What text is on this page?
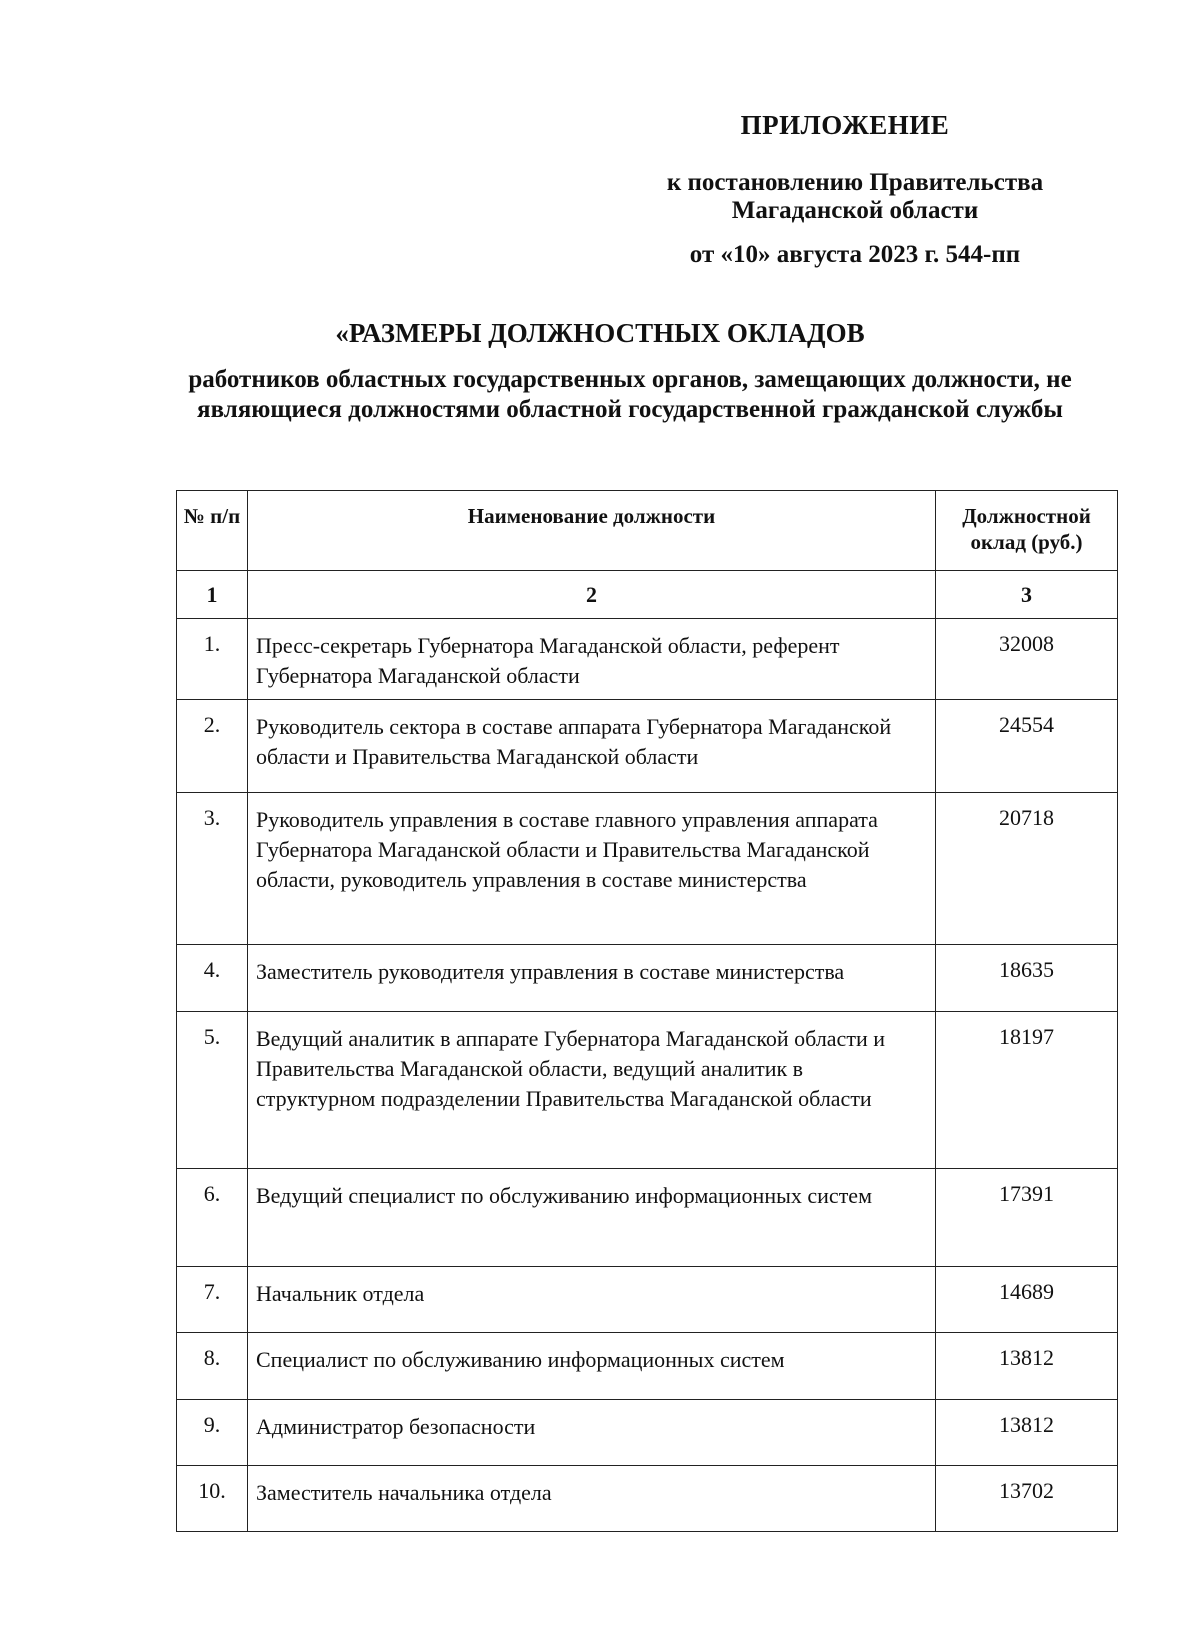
ПРИЛОЖЕНИЕ
к постановлению Правительства
Магаданской области
от «10» августа 2023 г. 544-пп
«РАЗМЕРЫ ДОЛЖНОСТНЫХ ОКЛАДОВ
работников областных государственных органов, замещающих должности, не являющиеся должностями областной государственной гражданской службы
№ п/п	Наименование должности	Должностной оклад (руб.)
1	2	3
1.	Пресс-секретарь Губернатора Магаданской области, референт Губернатора Магаданской области	32008
2.	Руководитель сектора в составе аппарата Губернатора Магаданской области и Правительства Магаданской области	24554
3.	Руководитель управления в составе главного управления аппарата Губернатора Магаданской области и Правительства Магаданской области, руководитель управления в составе министерства	20718
4.	Заместитель руководителя управления в составе министерства	18635
5.	Ведущий аналитик в аппарате Губернатора Магаданской области и Правительства Магаданской области, ведущий аналитик в структурном подразделении Правительства Магаданской области	18197
6.	Ведущий специалист по обслуживанию информационных систем	17391
7.	Начальник отдела	14689
8.	Специалист по обслуживанию информационных систем	13812
9.	Администратор безопасности	13812
10.	Заместитель начальника отдела	13702
